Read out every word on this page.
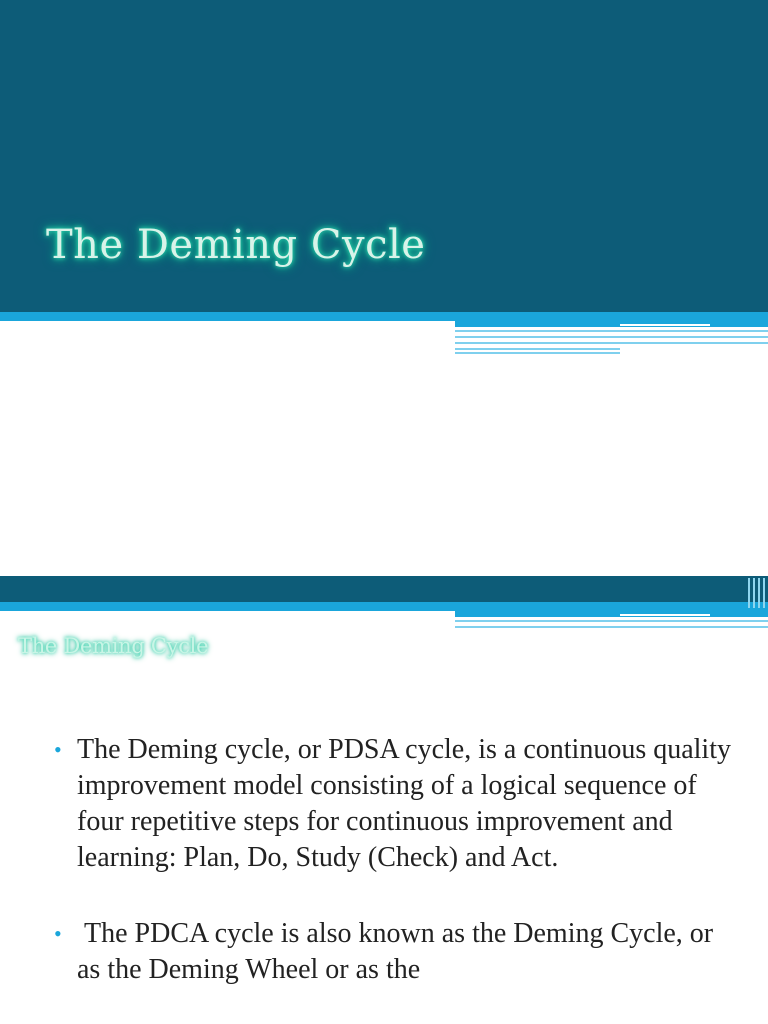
The Deming Cycle
The Deming Cycle
• The Deming cycle, or PDSA cycle, is a continuous quality improvement model consisting of a logical sequence of four repetitive steps for continuous improvement and learning: Plan, Do, Study (Check) and Act.
• The PDCA cycle is also known as the Deming Cycle, or as the Deming Wheel or as the
